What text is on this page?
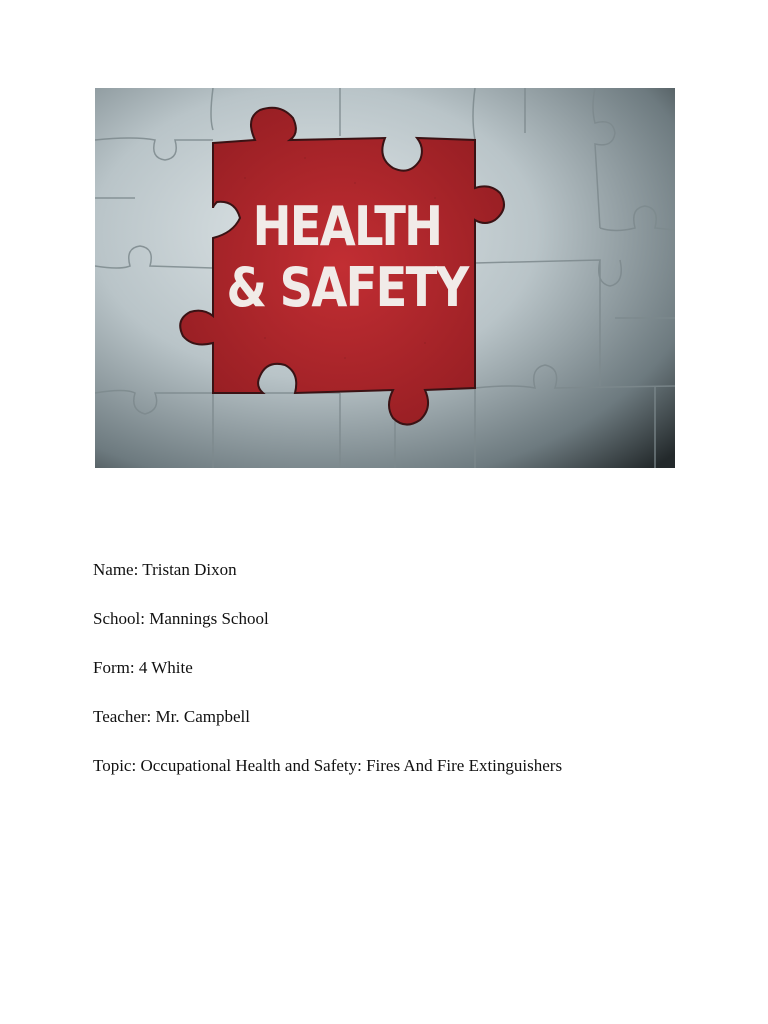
HEALTH
& SAFETY
Name: Tristan Dixon
School: Mannings School
Form: 4 White
Teacher: Mr. Campbell
Topic: Occupational Health and Safety: Fires And Fire Extinguishers
